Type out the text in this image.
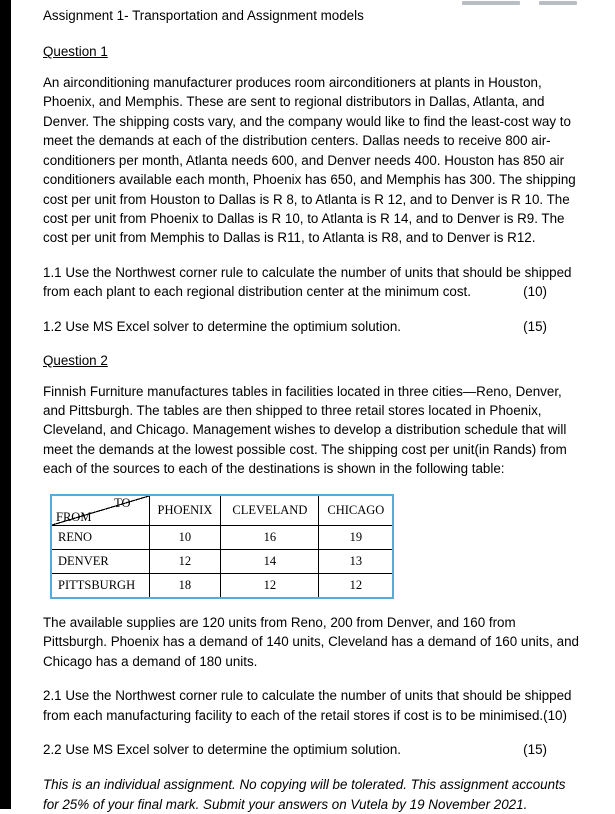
Assignment 1- Transportation and Assignment models
Question 1
An airconditioning manufacturer produces room airconditioners at plants in Houston, Phoenix, and Memphis. These are sent to regional distributors in Dallas, Atlanta, and Denver. The shipping costs vary, and the company would like to find the least-cost way to meet the demands at each of the distribution centers. Dallas needs to receive 800 air-conditioners per month, Atlanta needs 600, and Denver needs 400. Houston has 850 air conditioners available each month, Phoenix has 650, and Memphis has 300. The shipping cost per unit from Houston to Dallas is R 8, to Atlanta is R 12, and to Denver is R 10. The cost per unit from Phoenix to Dallas is R 10, to Atlanta is R 14, and to Denver is R9. The cost per unit from Memphis to Dallas is R11, to Atlanta is R8, and to Denver is R12.
1.1 Use the Northwest corner rule to calculate the number of units that should be shipped from each plant to each regional distribution center at the minimum cost.	(10)
1.2 Use MS Excel solver to determine the optimium solution.	(15)
Question 2
Finnish Furniture manufactures tables in facilities located in three cities—Reno, Denver, and Pittsburgh. The tables are then shipped to three retail stores located in Phoenix, Cleveland, and Chicago. Management wishes to develop a distribution schedule that will meet the demands at the lowest possible cost. The shipping cost per unit(in Rands) from each of the sources to each of the destinations is shown in the following table:
TO
FROM	PHOENIX	CLEVELAND	CHICAGO
RENO	10	16	19
DENVER	12	14	13
PITTSBURGH	18	12	12
The available supplies are 120 units from Reno, 200 from Denver, and 160 from Pittsburgh. Phoenix has a demand of 140 units, Cleveland has a demand of 160 units, and Chicago has a demand of 180 units.
2.1 Use the Northwest corner rule to calculate the number of units that should be shipped from each manufacturing facility to each of the retail stores if cost is to be minimised.(10)
2.2 Use MS Excel solver to determine the optimium solution.	(15)
This is an individual assignment. No copying will be tolerated. This assignment accounts for 25% of your final mark. Submit your answers on Vutela by 19 November 2021.
